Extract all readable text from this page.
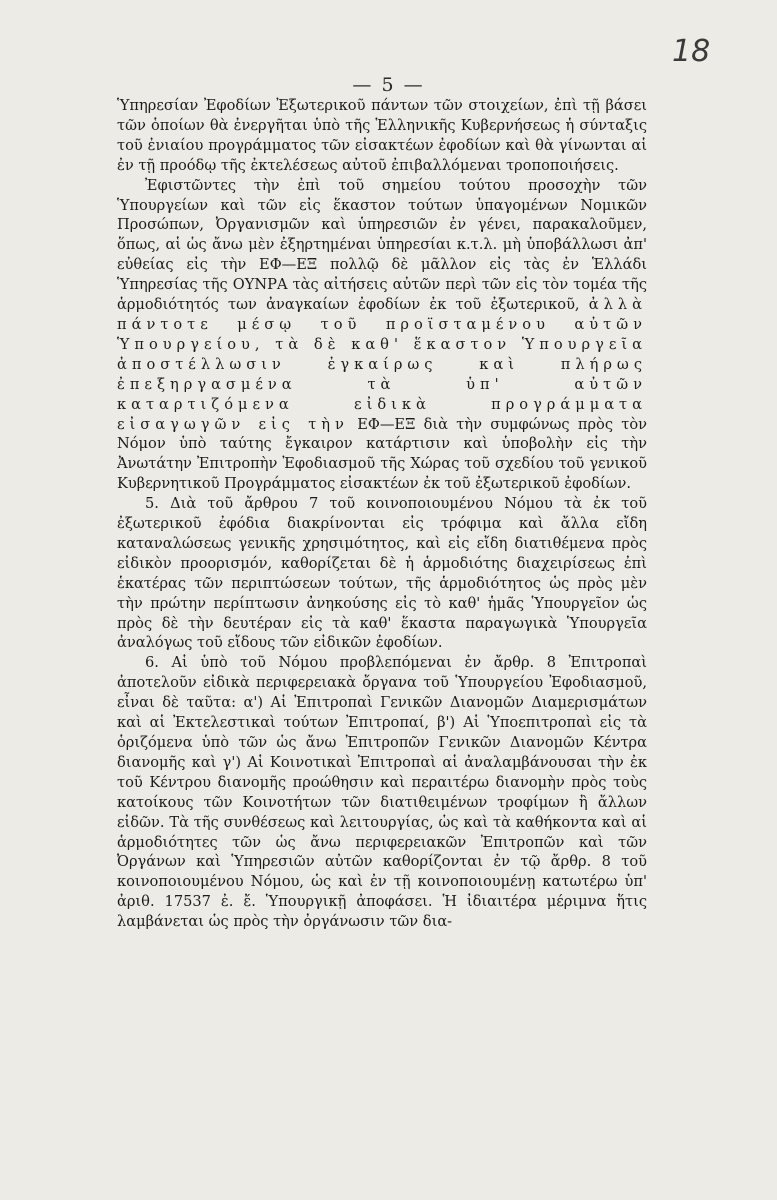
18
— 5 —

Ὑπηρεσίαν Ἐφοδίων Ἐξωτερικοῦ πάντων τῶν στοιχείων, ἐπὶ τῇ βάσει τῶν ὁποίων θὰ ἐνεργῆται ὑπὸ τῆς Ἑλληνικῆς Κυβερνήσεως ἡ σύνταξις τοῦ ἐνιαίου προγράμματος τῶν εἰσακτέων ἐφοδίων καὶ θὰ γίνωνται αἱ ἐν τῇ προόδῳ τῆς ἐκτελέσεως αὐτοῦ ἐπιβαλλόμεναι τροποποιήσεις.

Ἐφιστῶντες τὴν ἐπὶ τοῦ σημείου τούτου προσοχὴν τῶν Ὑπουργείων καὶ τῶν εἰς ἕκαστον τούτων ὑπαγομένων Νομικῶν Προσώπων, Ὀργανισμῶν καὶ ὑπηρεσιῶν ἐν γένει, παρακαλοῦμεν, ὅπως, αἱ ὡς ἄνω μὲν ἐξηρτημέναι ὑπηρεσίαι κ.τ.λ. μὴ ὑποβάλλωσι ἀπ' εὐθείας εἰς τὴν ΕΦ—ΕΞ πολλῷ δὲ μᾶλλον εἰς τὰς ἐν Ἑλλάδι Ὑπηρεσίας τῆς ΟΥΝΡΑ τὰς αἰτήσεις αὐτῶν περὶ τῶν εἰς τὸν τομέα τῆς ἁρμοδιότητός των ἀναγκαίων ἐφοδίων ἐκ τοῦ ἐξωτερικοῦ, ἀλλὰ πάντοτε μέσῳ τοῦ προϊσταμένου αὐτῶν Ὑπουργείου, τὰ δὲ καθ' ἕκαστον Ὑπουργεῖα ἀποστέλλωσιν ἐγκαίρως καὶ πλήρως ἐπεξηργασμένα τὰ ὑπ' αὐτῶν καταρτιζόμενα εἰδικὰ προγράμματα εἰσαγωγῶν εἰς τὴν ΕΦ—ΕΞ διὰ τὴν συμφώνως πρὸς τὸν Νόμον ὑπὸ ταύτης ἔγκαιρον κατάρτισιν καὶ ὑποβολὴν εἰς τὴν Ἀνωτάτην Ἐπιτροπὴν Ἐφοδιασμοῦ τῆς Χώρας τοῦ σχεδίου τοῦ γενικοῦ Κυβερνητικοῦ Προγράμματος εἰσακτέων ἐκ τοῦ ἐξωτερικοῦ ἐφοδίων.

5. Διὰ τοῦ ἄρθρου 7 τοῦ κοινοποιουμένου Νόμου τὰ ἐκ τοῦ ἐξωτερικοῦ ἐφόδια διακρίνονται εἰς τρόφιμα καὶ ἄλλα εἴδη καταναλώσεως γενικῆς χρησιμότητος, καὶ εἰς εἴδη διατιθέμενα πρὸς εἰδικὸν προορισμόν, καθορίζεται δὲ ἡ ἁρμοδιότης διαχειρίσεως ἐπὶ ἑκατέρας τῶν περιπτώσεων τούτων, τῆς ἁρμοδιότητος ὡς πρὸς μὲν τὴν πρώτην περίπτωσιν ἀνηκούσης εἰς τὸ καθ' ἡμᾶς Ὑπουργεῖον ὡς πρὸς δὲ τὴν δευτέραν εἰς τὰ καθ' ἕκαστα παραγωγικὰ Ὑπουργεῖα ἀναλόγως τοῦ εἴδους τῶν εἰδικῶν ἐφοδίων.

6. Αἱ ὑπὸ τοῦ Νόμου προβλεπόμεναι ἐν ἄρθρ. 8 Ἐπιτροπαὶ ἀποτελοῦν εἰδικὰ περιφερειακὰ ὄργανα τοῦ Ὑπουργείου Ἐφοδιασμοῦ, εἶναι δὲ ταῦτα: α') Αἱ Ἐπιτροπαὶ Γενικῶν Διανομῶν Διαμερισμάτων καὶ αἱ Ἐκτελεστικαὶ τούτων Ἐπιτροπαί, β') Αἱ Ὑποεπιτροπαὶ εἰς τὰ ὁριζόμενα ὑπὸ τῶν ὡς ἄνω Ἐπιτροπῶν Γενικῶν Διανομῶν Κέντρα διανομῆς καὶ γ') Αἱ Κοινοτικαὶ Ἐπιτροπαὶ αἱ ἀναλαμβάνουσαι τὴν ἐκ τοῦ Κέντρου διανομῆς προώθησιν καὶ περαιτέρω διανομὴν πρὸς τοὺς κατοίκους τῶν Κοινοτήτων τῶν διατιθειμένων τροφίμων ἢ ἄλλων εἰδῶν. Τὰ τῆς συνθέσεως καὶ λειτουργίας, ὡς καὶ τὰ καθήκοντα καὶ αἱ ἁρμοδιότητες τῶν ὡς ἄνω περιφερειακῶν Ἐπιτροπῶν καὶ τῶν Ὀργάνων καὶ Ὑπηρεσιῶν αὐτῶν καθορίζονται ἐν τῷ ἄρθρ. 8 τοῦ κοινοποιουμένου Νόμου, ὡς καὶ ἐν τῇ κοινοποιουμένῃ κατωτέρω ὑπ' ἀριθ. 17537 ἐ. ἔ. Ὑπουργικῇ ἀποφάσει. Ἡ ἰδιαιτέρα μέριμνα ἥτις λαμβάνεται ὡς πρὸς τὴν ὀργάνωσιν τῶν δια-
